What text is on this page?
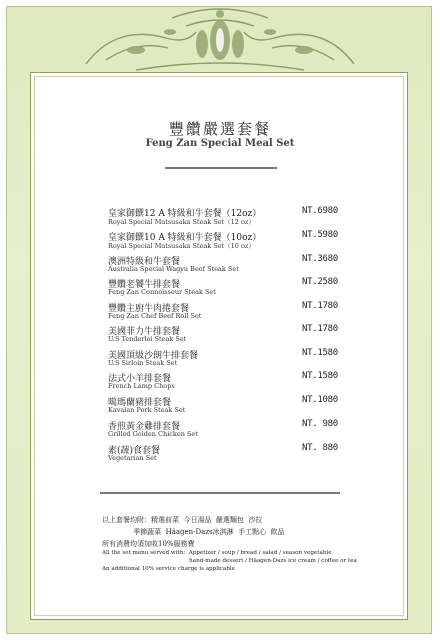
豐饡嚴選套餐
Feng Zan Special Meal Set
皇家御饌12 A 特級和牛套餐（12oz）
Royal Special Matsusaka Steak Set（12 oz）
NT.6980
皇家御饌10 A 特級和牛套餐（10oz）
Royal Special Matsusaka Steak Set（10 oz）
NT.5980
澳洲特級和牛套餐
Australia Special Wagyu Beef Steak Set
NT.3680
豐饡老饕牛排套餐
Feng Zan Connoisseur Steak Set
NT.2580
豐饡主廚牛肉捲套餐
Feng Zan Chef Beef Roll Set
NT.1780
美國菲力牛排套餐
U.S Tenderloi Steak Set
NT.1780
美國頂級沙朗牛排套餐
U.S Sirloin Steak Set
NT.1580
法式小羊排套餐
French Lamp Chops
NT.1580
噶瑪蘭豬排套餐
Kavalan Pork Steak Set
NT.1080
香煎黃金雞排套餐
Grilled Golden Chicken Set
NT. 980
素(蔬)食套餐
Vegetarian Set
NT. 880
以上套餐均附：精選前菜  今日湯品  嚴選麵包  沙拉
季節蔬菜  Häagen-Dazs冰淇淋  手工點心  飲品
所有消費均須加收10%服務費
All the set menu served with:  Appetizer / soup / bread / salad / season vegetable
hand-made dessert / Häagen-Dazs ice cream / coffee or tea
An additional 10% service charge is applicable
